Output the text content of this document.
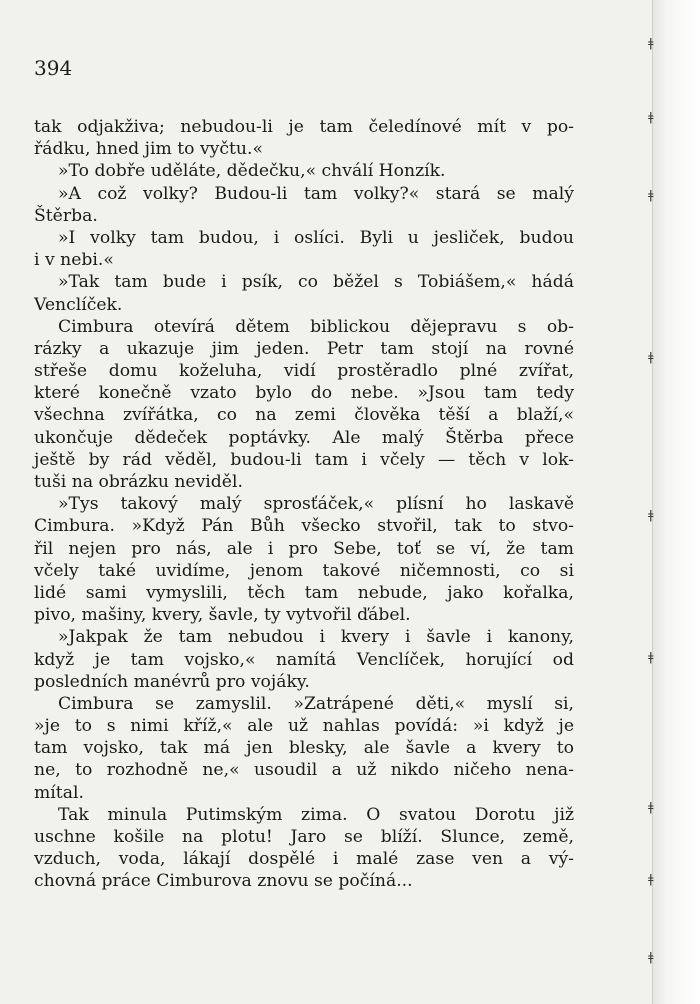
394
tak odjakživa; nebudou-li je tam čeledínové mít v po-
řádku, hned jim to vyčtu.«
»To dobře uděláte, dědečku,« chválí Honzík.
»A což volky? Budou-li tam volky?« stará se malý
Štěrba.
»I volky tam budou, i oslíci. Byli u jesliček, budou
i v nebi.«
»Tak tam bude i psík, co běžel s Tobiášem,« hádá
Venclíček.
Cimbura otevírá dětem biblickou dějepravu s ob-
rázky a ukazuje jim jeden. Petr tam stojí na rovné
střeše domu koželuha, vidí prostěradlo plné zvířat,
které konečně vzato bylo do nebe. »Jsou tam tedy
všechna zvířátka, co na zemi člověka těší a blaží,«
ukončuje dědeček poptávky. Ale malý Štěrba přece
ještě by rád věděl, budou-li tam i včely — těch v lok-
tuši na obrázku neviděl.
»Tys takový malý sprosťáček,« plísní ho laskavě
Cimbura. »Když Pán Bůh všecko stvořil, tak to stvo-
řil nejen pro nás, ale i pro Sebe, toť se ví, že tam
včely také uvidíme, jenom takové ničemnosti, co si
lidé sami vymyslili, těch tam nebude, jako kořalka,
pivo, mašiny, kvery, šavle, ty vytvořil ďábel.
»Jakpak že tam nebudou i kvery i šavle i kanony,
když je tam vojsko,« namítá Venclíček, horující od
posledních manévrů pro vojáky.
Cimbura se zamyslil. »Zatrápené děti,« myslí si,
»je to s nimi kříž,« ale už nahlas povídá: »i když je
tam vojsko, tak má jen blesky, ale šavle a kvery to
ne, to rozhodně ne,« usoudil a už nikdo ničeho nena-
mítal.
Tak minula Putimským zima. O svatou Dorotu již
uschne košile na plotu! Jaro se blíží. Slunce, země,
vzduch, voda, lákají dospělé i malé zase ven a vý-
chovná práce Cimburova znovu se počíná...
ǂ
ǂ
ǂ
ǂ
ǂ
ǂ
ǂ
ǂ
ǂ
